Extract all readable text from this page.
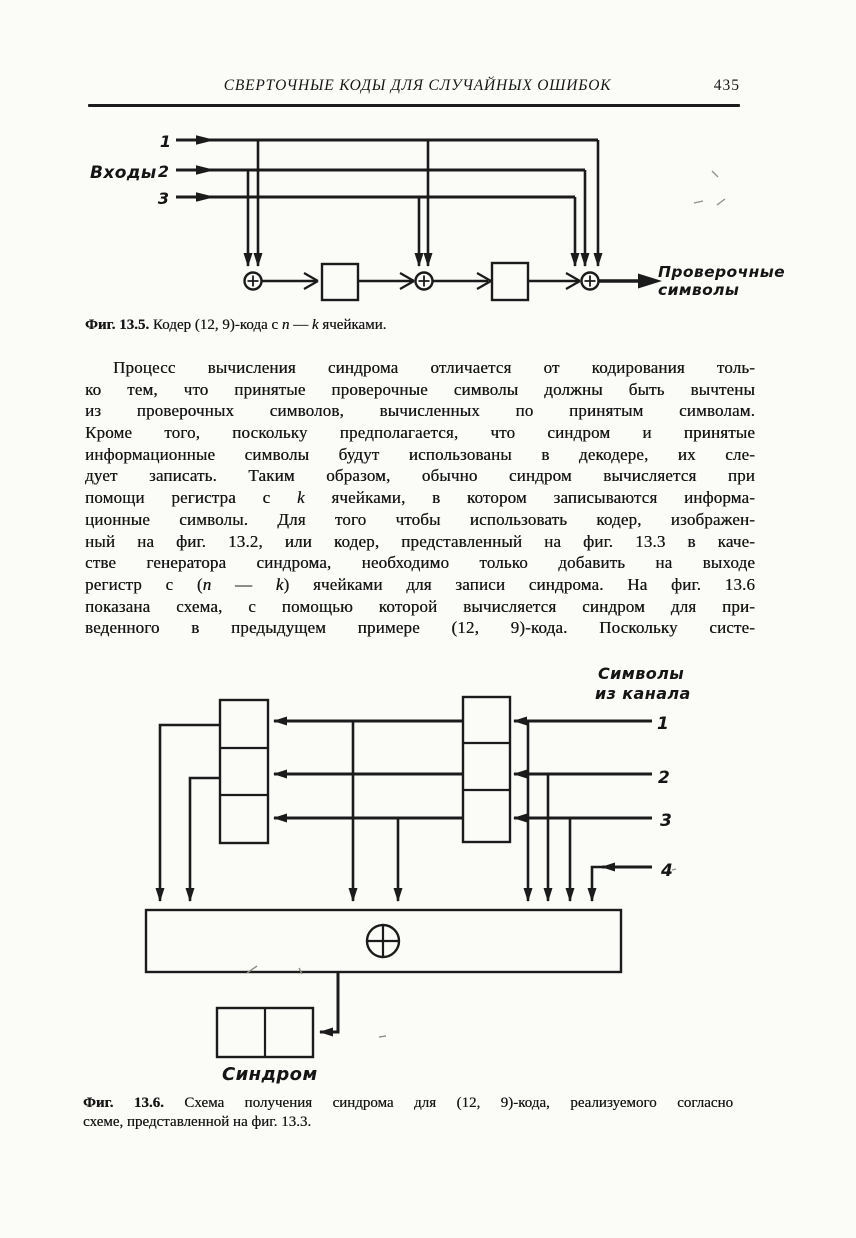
СВЕРТОЧНЫЕ КОДЫ ДЛЯ СЛУЧАЙНЫХ ОШИБОК	435
Входы
1
2
3
Проверочные
символы
Фиг. 13.5. Кодер (12, 9)-кода с n — k ячейками.
Процесс вычисления синдрома отличается от кодирования толь-
ко тем, что принятые проверочные символы должны быть вычтены
из проверочных символов, вычисленных по принятым символам.
Кроме того, поскольку предполагается, что синдром и принятые
информационные символы будут использованы в декодере, их сле-
дует записать. Таким образом, обычно синдром вычисляется при
помощи регистра с k ячейками, в котором записываются информа-
ционные символы. Для того чтобы использовать кодер, изображен-
ный на фиг. 13.2, или кодер, представленный на фиг. 13.3 в каче-
стве генератора синдрома, необходимо только добавить на выходе
регистр с (n — k) ячейками для записи синдрома. На фиг. 13.6
показана схема, с помощью которой вычисляется синдром для при-
веденного в предыдущем примере (12, 9)-кода. Поскольку систе-
Символы
из канала
1
2
3
4
Синдром
Фиг. 13.6. Схема получения синдрома для (12, 9)-кода, реализуемого согласно
схеме, представленной на фиг. 13.3.
